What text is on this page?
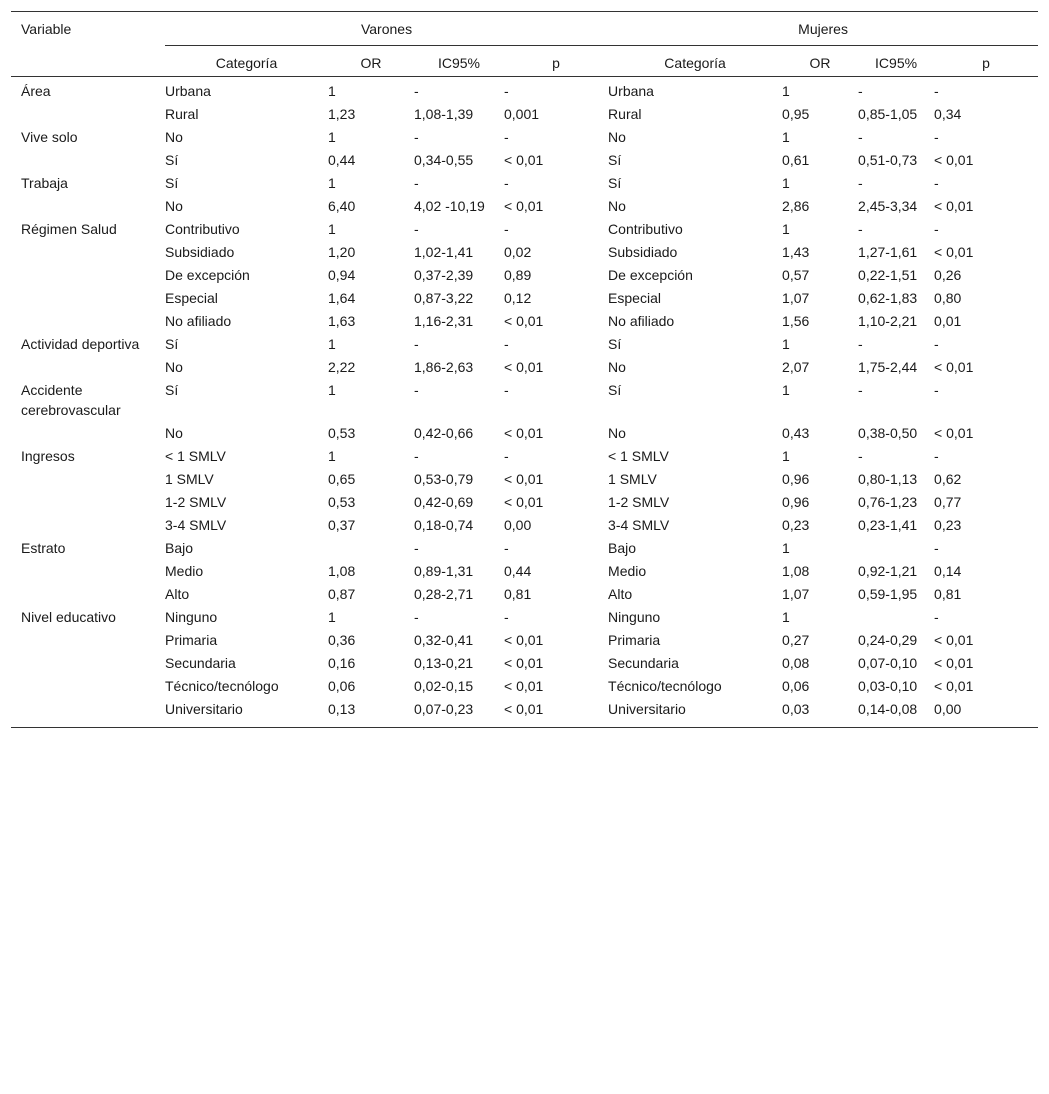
Variable	Varones				Mujeres			
	Categoría	OR	IC95%	p	Categoría	OR	IC95%	p
Área	Urbana	1	-	-	Urbana	1	-	-
	Rural	1,23	1,08-1,39	0,001	Rural	0,95	0,85-1,05	0,34
Vive solo	No	1	-	-	No	1	-	-
	Sí	0,44	0,34-0,55	< 0,01	Sí	0,61	0,51-0,73	< 0,01
Trabaja	Sí	1	-	-	Sí	1	-	-
	No	6,40	4,02 -10,19	< 0,01	No	2,86	2,45-3,34	< 0,01
Régimen Salud	Contributivo	1	-	-	Contributivo	1	-	-
	Subsidiado	1,20	1,02-1,41	0,02	Subsidiado	1,43	1,27-1,61	< 0,01
	De excepción	0,94	0,37-2,39	0,89	De excepción	0,57	0,22-1,51	0,26
	Especial	1,64	0,87-3,22	0,12	Especial	1,07	0,62-1,83	0,80
	No afiliado	1,63	1,16-2,31	< 0,01	No afiliado	1,56	1,10-2,21	0,01
Actividad deportiva	Sí	1	-	-	Sí	1	-	-
	No	2,22	1,86-2,63	< 0,01	No	2,07	1,75-2,44	< 0,01
Accidente cerebrovascular	Sí	1	-	-	Sí	1	-	-
	No	0,53	0,42-0,66	< 0,01	No	0,43	0,38-0,50	< 0,01
Ingresos	< 1 SMLV	1	-	-	< 1 SMLV	1	-	-
	1 SMLV	0,65	0,53-0,79	< 0,01	1 SMLV	0,96	0,80-1,13	0,62
	1-2 SMLV	0,53	0,42-0,69	< 0,01	1-2 SMLV	0,96	0,76-1,23	0,77
	3-4 SMLV	0,37	0,18-0,74	0,00	3-4 SMLV	0,23	0,23-1,41	0,23
Estrato	Bajo		-	-	Bajo	1		-
	Medio	1,08	0,89-1,31	0,44	Medio	1,08	0,92-1,21	0,14
	Alto	0,87	0,28-2,71	0,81	Alto	1,07	0,59-1,95	0,81
Nivel educativo	Ninguno	1	-	-	Ninguno	1		-
	Primaria	0,36	0,32-0,41	< 0,01	Primaria	0,27	0,24-0,29	< 0,01
	Secundaria	0,16	0,13-0,21	< 0,01	Secundaria	0,08	0,07-0,10	< 0,01
	Técnico/tecnólogo	0,06	0,02-0,15	< 0,01	Técnico/tecnólogo	0,06	0,03-0,10	< 0,01
	Universitario	0,13	0,07-0,23	< 0,01	Universitario	0,03	0,14-0,08	0,00
